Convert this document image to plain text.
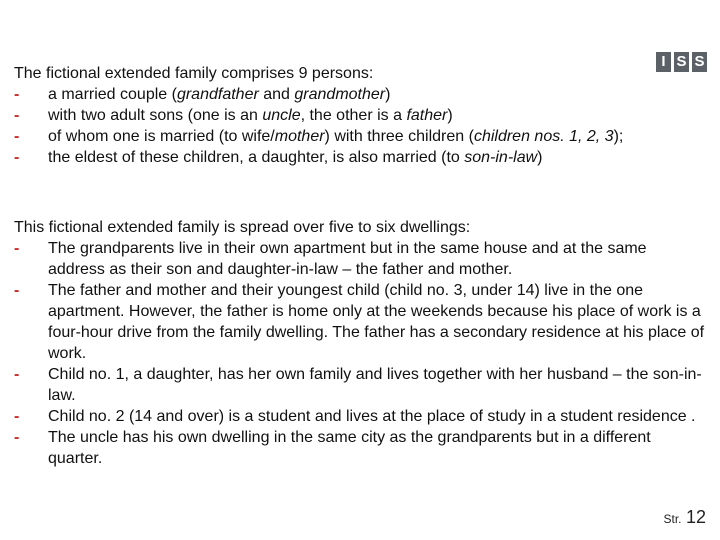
I S S
The fictional extended family comprises 9 persons:
-	a married couple (grandfather and grandmother)
-	with two adult sons (one is an uncle, the other is a father)
-	of whom one is married (to wife/mother) with three children (children nos. 1, 2, 3);
-	the eldest of these children, a daughter, is also married (to son-in-law)
This fictional extended family is spread over five to six dwellings:
-	The grandparents live in their own apartment but in the same house and at the same address as their son and daughter-in-law – the father and mother.
-	The father and mother and their youngest child (child no. 3, under 14) live in the one apartment. However, the father is home only at the weekends because his place of work is a four-hour drive from the family dwelling. The father has a secondary residence at his place of work.
-	Child no. 1, a daughter, has her own family and lives together with her husband – the son-in-law.
-	Child no. 2 (14 and over) is a student and lives at the place of study in a student residence .
-	The uncle has his own dwelling in the same city as the grandparents but in a different quarter.
Str. 12
